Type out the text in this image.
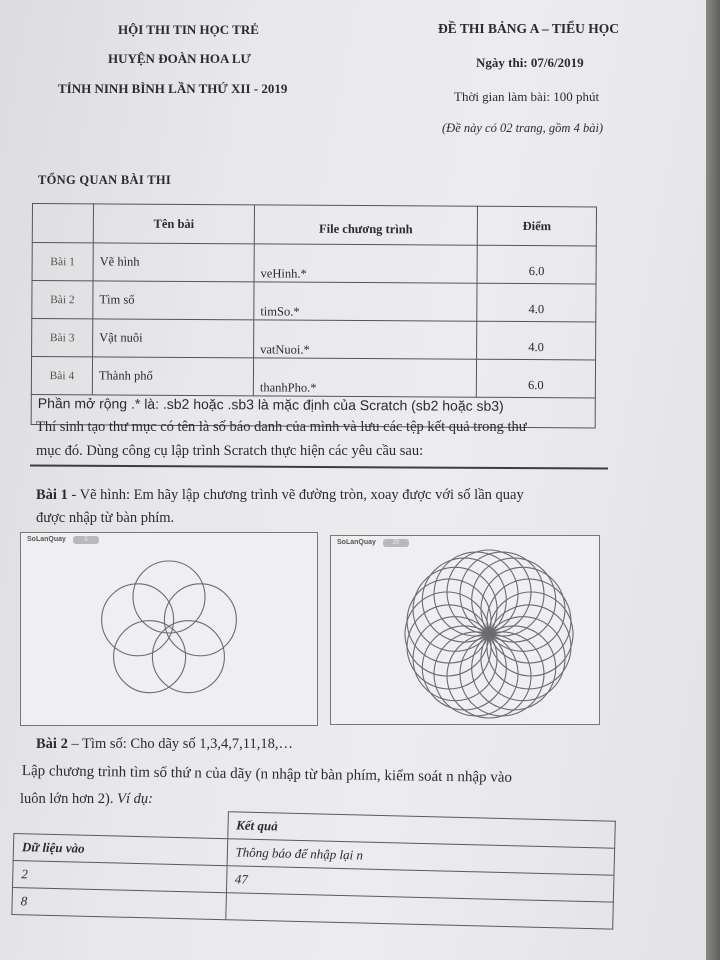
HỘI THI TIN HỌC TRẺ
HUYỆN ĐOÀN HOA LƯ
TỈNH NINH BÌNH LẦN THỨ XII - 2019
ĐỀ THI BẢNG A – TIỂU HỌC
Ngày thi: 07/6/2019
Thời gian làm bài: 100 phút
(Đề này có 02 trang, gồm 4 bài)
TỔNG QUAN BÀI THI
	Tên bài	File chương trình	Điểm
Bài 1	Vẽ hình	veHinh.*	6.0
Bài 2	Tìm số	timSo.*	4.0
Bài 3	Vật nuôi	vatNuoi.*	4.0
Bài 4	Thành phố	thanhPho.*	6.0
Phần mở rộng .* là: .sb2 hoặc .sb3 là mặc định của Scratch (sb2 hoặc sb3)			
Thí sinh tạo thư mục có tên là số báo danh của mình và lưu các tệp kết quả trong thư
mục đó. Dùng công cụ lập trình Scratch thực hiện các yêu cầu sau:
Bài 1 - Vẽ hình: Em hãy lập chương trình vẽ đường tròn, xoay được với số lần quay
được nhập từ bàn phím.
SoLanQuay	5	SoLanQuay	20
Bài 2 – Tìm số: Cho dãy số 1,3,4,7,11,18,…
Lập chương trình tìm số thứ n của dãy (n nhập từ bàn phím, kiểm soát n nhập vào
luôn lớn hơn 2). Ví dụ:
	Kết quả
Dữ liệu vào	Thông báo để nhập lại n
2	47
8	
